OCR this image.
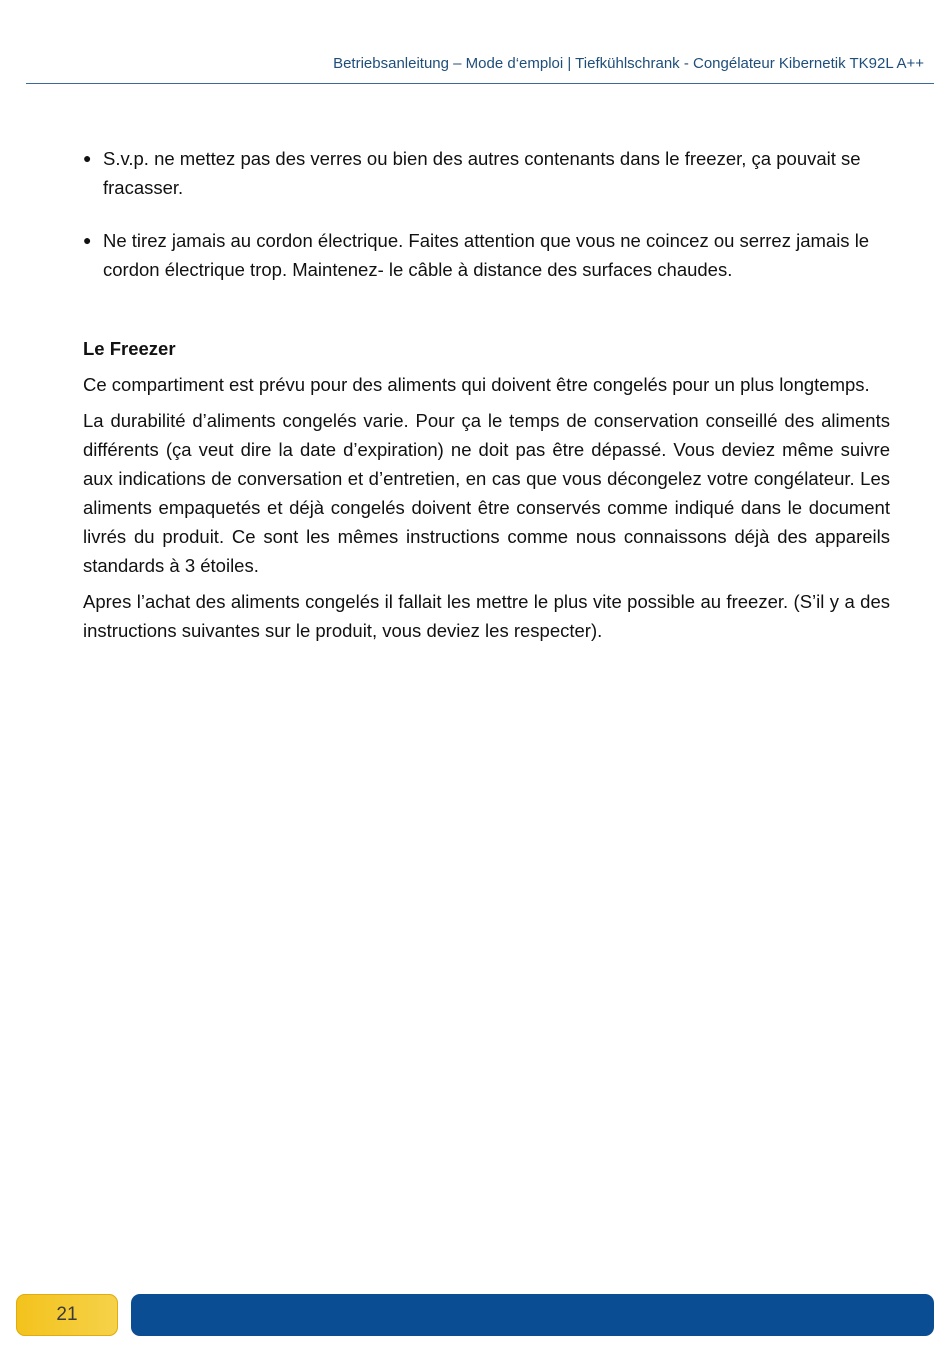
Betriebsanleitung – Mode d‘emploi | Tiefkühlschrank - Congélateur Kibernetik TK92L A++
● S.v.p. ne mettez pas des verres ou bien des autres contenants dans le freezer, ça pouvait se fracasser.
● Ne tirez jamais au cordon électrique. Faites attention que vous ne coincez ou serrez jamais le cordon électrique trop. Maintenez- le câble à distance des surfaces chaudes.
Le Freezer

Ce compartiment est prévu pour des aliments qui doivent être congelés pour un plus longtemps.

La durabilité d’aliments congelés varie. Pour ça le temps de conservation conseillé des aliments différents (ça veut dire la date d’expiration) ne doit pas être dépassé. Vous deviez même suivre aux indications de conversation et d’entretien, en cas que vous décongelez votre congélateur. Les aliments empaquetés et déjà congelés doivent être conservés comme indiqué dans le document livrés du produit. Ce sont les mêmes instructions comme nous connaissons déjà des appareils standards à 3 étoiles.

Apres l’achat des aliments congelés il fallait les mettre le plus vite possible au freezer. (S’il y a des instructions suivantes sur le produit, vous deviez les respecter).

21
